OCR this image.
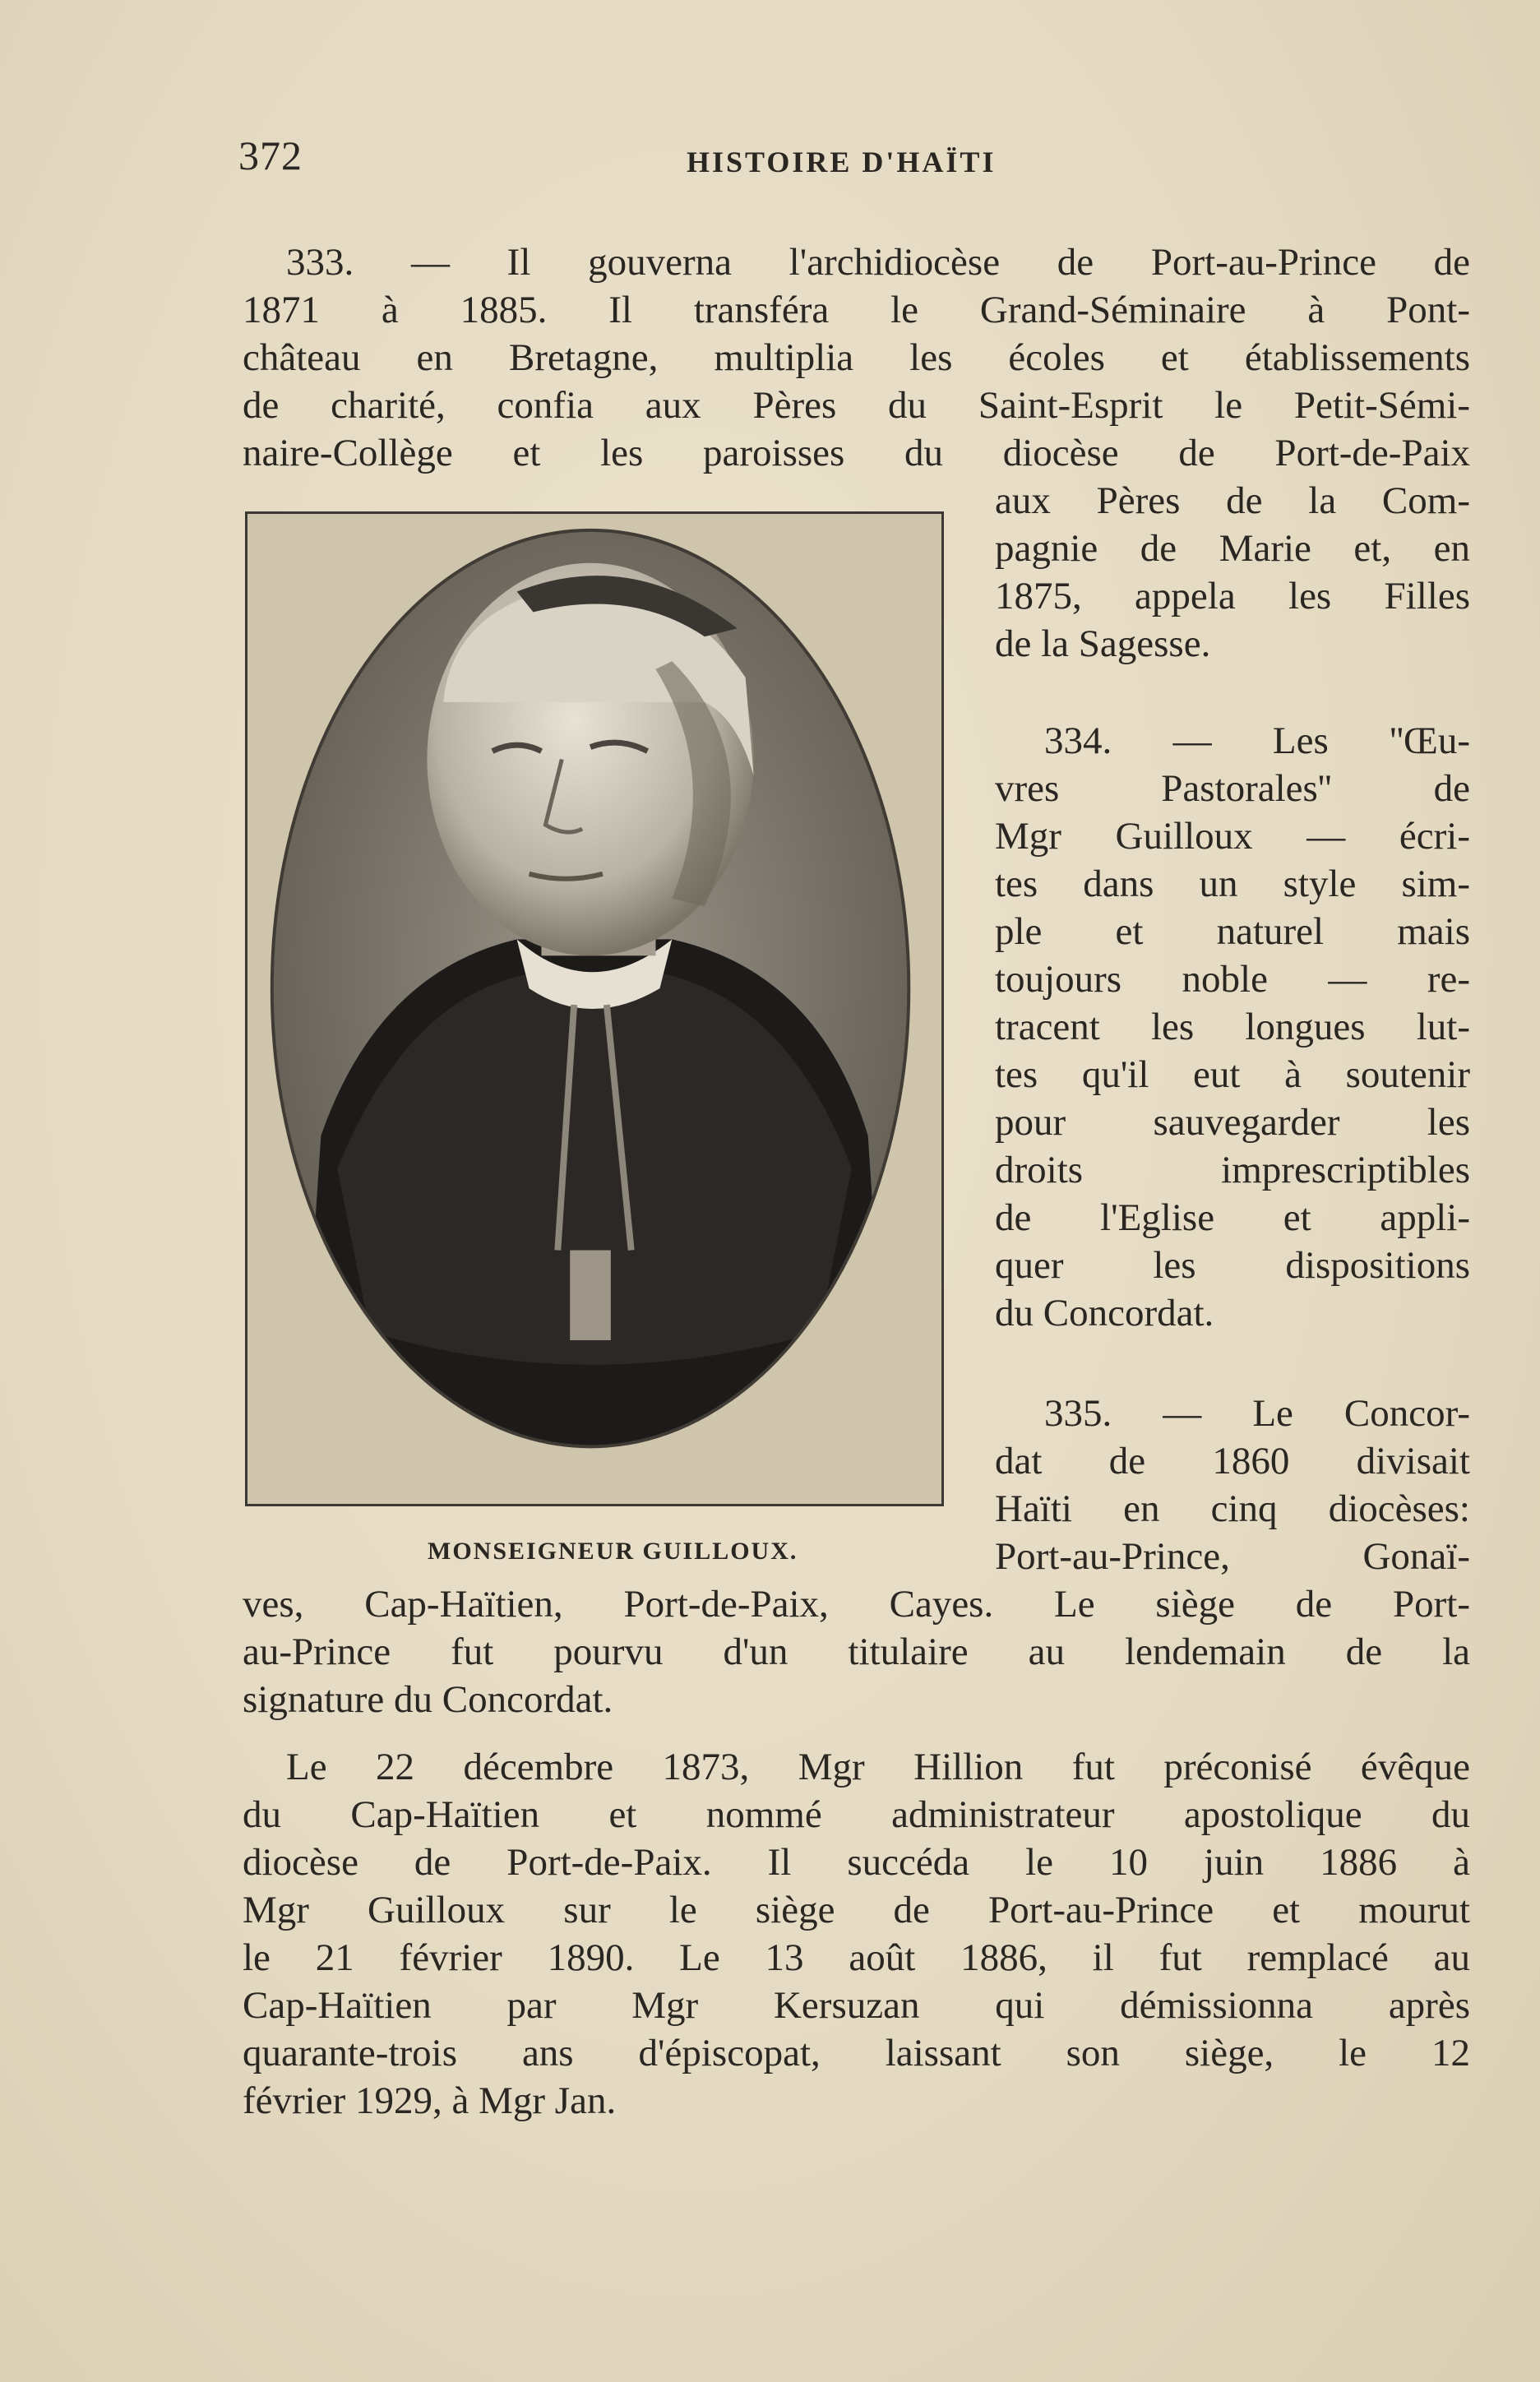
372	HISTOIRE D'HAÏTI
333. — Il gouverna l'archidiocèse de Port-au-Prince de
1871 à 1885. Il transféra le Grand-Séminaire à Pont-
château en Bretagne, multiplia les écoles et établissements
de charité, confia aux Pères du Saint-Esprit le Petit-Sémi-
naire-Collège et les paroisses du diocèse de Port-de-Paix
aux Pères de la Com-
pagnie de Marie et, en
1875, appela les Filles
de la Sagesse.
334. — Les ''Œu-
vres Pastorales'' de
Mgr Guilloux — écri-
tes dans un style sim-
ple et naturel mais
toujours noble — re-
tracent les longues lut-
tes qu'il eut à soutenir
pour sauvegarder les
droits imprescriptibles
de l'Eglise et appli-
quer les dispositions
du Concordat.
335. — Le Concor-
dat de 1860 divisait
Haïti en cinq diocèses:
Port-au-Prince, Gonaï-
ves, Cap-Haïtien, Port-de-Paix, Cayes. Le siège de Port-
au-Prince fut pourvu d'un titulaire au lendemain de la
signature du Concordat.
Le 22 décembre 1873, Mgr Hillion fut préconisé évêque
du Cap-Haïtien et nommé administrateur apostolique du
diocèse de Port-de-Paix. Il succéda le 10 juin 1886 à
Mgr Guilloux sur le siège de Port-au-Prince et mourut
le 21 février 1890. Le 13 août 1886, il fut remplacé au
Cap-Haïtien par Mgr Kersuzan qui démissionna après
quarante-trois ans d'épiscopat, laissant son siège, le 12
février 1929, à Mgr Jan.
MONSEIGNEUR GUILLOUX.
